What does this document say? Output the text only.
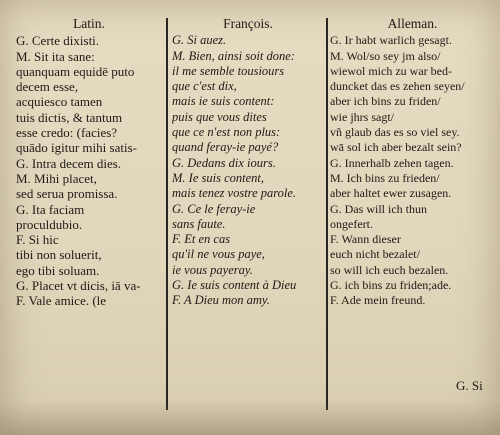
Latin.
G. Certe dixisti.
M. Sit ita sane:
quanquam equidē puto
decem esse,
acquiesco tamen
tuis dictis, & tantum
esse credo: (facies?
quādo igitur mihi satis-
G. Intra decem dies.
M. Mihi placet,
sed serua promissa.
G. Ita faciam
proculdubio.
F. Si hic
tibi non soluerit,
ego tibi soluam.
G. Placet vt dicis, iā va-
F. Vale amice. (le
François.
G. Si auez.
M. Bien, ainsi soit done:
il me semble tousiours
que c'est dix,
mais ie suis content:
puis que vous dites
que ce n'est non plus:
quand feray-ie payé?
G. Dedans dix iours.
M. Ie suis content,
mais tenez vostre parole.
G. Ce le feray-ie
sans faute.
F. Et en cas
qu'il ne vous paye,
ie vous payeray.
G. Ie suis content à Dieu
F. A Dieu mon amy.
Alleman.
G. Ir habt warlich gesagt.
M. Wol/so sey jm also/
wiewol mich zu war bed-
duncket das es zehen seyen/
aber ich bins zu friden/
wie jhrs sagt/
vñ glaub das es so viel sey.
wā sol ich aber bezalt sein?
G. Innerhalb zehen tagen.
M. Ich bins zu frieden/
aber haltet ewer zusagen.
G. Das will ich thun
ongefert.
F. Wann dieser
euch nicht bezalet/
so will ich euch bezalen.
G. ich bins zu friden;ade.
F. Ade mein freund.
G. Si
